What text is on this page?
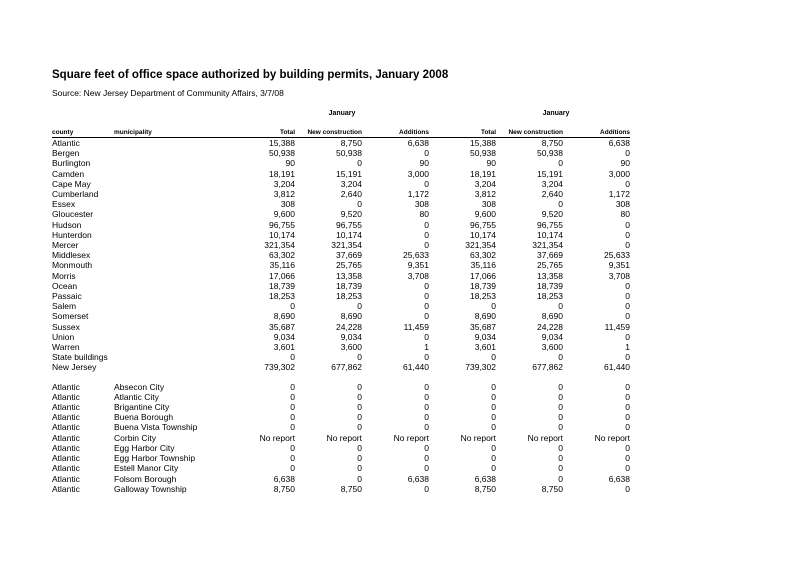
Square feet of office space authorized by building permits, January 2008
Source: New Jersey Department of Community Affairs, 3/7/08
January	January
county	municipality	Total	New construction	Additions	Total	New construction	Additions
Atlantic		15,388	8,750	6,638	15,388	8,750	6,638
Bergen		50,938	50,938	0	50,938	50,938	0
Burlington		90	0	90	90	0	90
Camden		18,191	15,191	3,000	18,191	15,191	3,000
Cape May		3,204	3,204	0	3,204	3,204	0
Cumberland		3,812	2,640	1,172	3,812	2,640	1,172
Essex		308	0	308	308	0	308
Gloucester		9,600	9,520	80	9,600	9,520	80
Hudson		96,755	96,755	0	96,755	96,755	0
Hunterdon		10,174	10,174	0	10,174	10,174	0
Mercer		321,354	321,354	0	321,354	321,354	0
Middlesex		63,302	37,669	25,633	63,302	37,669	25,633
Monmouth		35,116	25,765	9,351	35,116	25,765	9,351
Morris		17,066	13,358	3,708	17,066	13,358	3,708
Ocean		18,739	18,739	0	18,739	18,739	0
Passaic		18,253	18,253	0	18,253	18,253	0
Salem		0	0	0	0	0	0
Somerset		8,690	8,690	0	8,690	8,690	0
Sussex		35,687	24,228	11,459	35,687	24,228	11,459
Union		9,034	9,034	0	9,034	9,034	0
Warren		3,601	3,600	1	3,601	3,600	1
State buildings		0	0	0	0	0	0
New Jersey		739,302	677,862	61,440	739,302	677,862	61,440

Atlantic	Absecon City	0	0	0	0	0	0
Atlantic	Atlantic City	0	0	0	0	0	0
Atlantic	Brigantine City	0	0	0	0	0	0
Atlantic	Buena Borough	0	0	0	0	0	0
Atlantic	Buena Vista Township	0	0	0	0	0	0
Atlantic	Corbin City	No report	No report	No report	No report	No report	No report
Atlantic	Egg Harbor City	0	0	0	0	0	0
Atlantic	Egg Harbor Township	0	0	0	0	0	0
Atlantic	Estell Manor City	0	0	0	0	0	0
Atlantic	Folsom Borough	6,638	0	6,638	6,638	0	6,638
Atlantic	Galloway Township	8,750	8,750	0	8,750	8,750	0
